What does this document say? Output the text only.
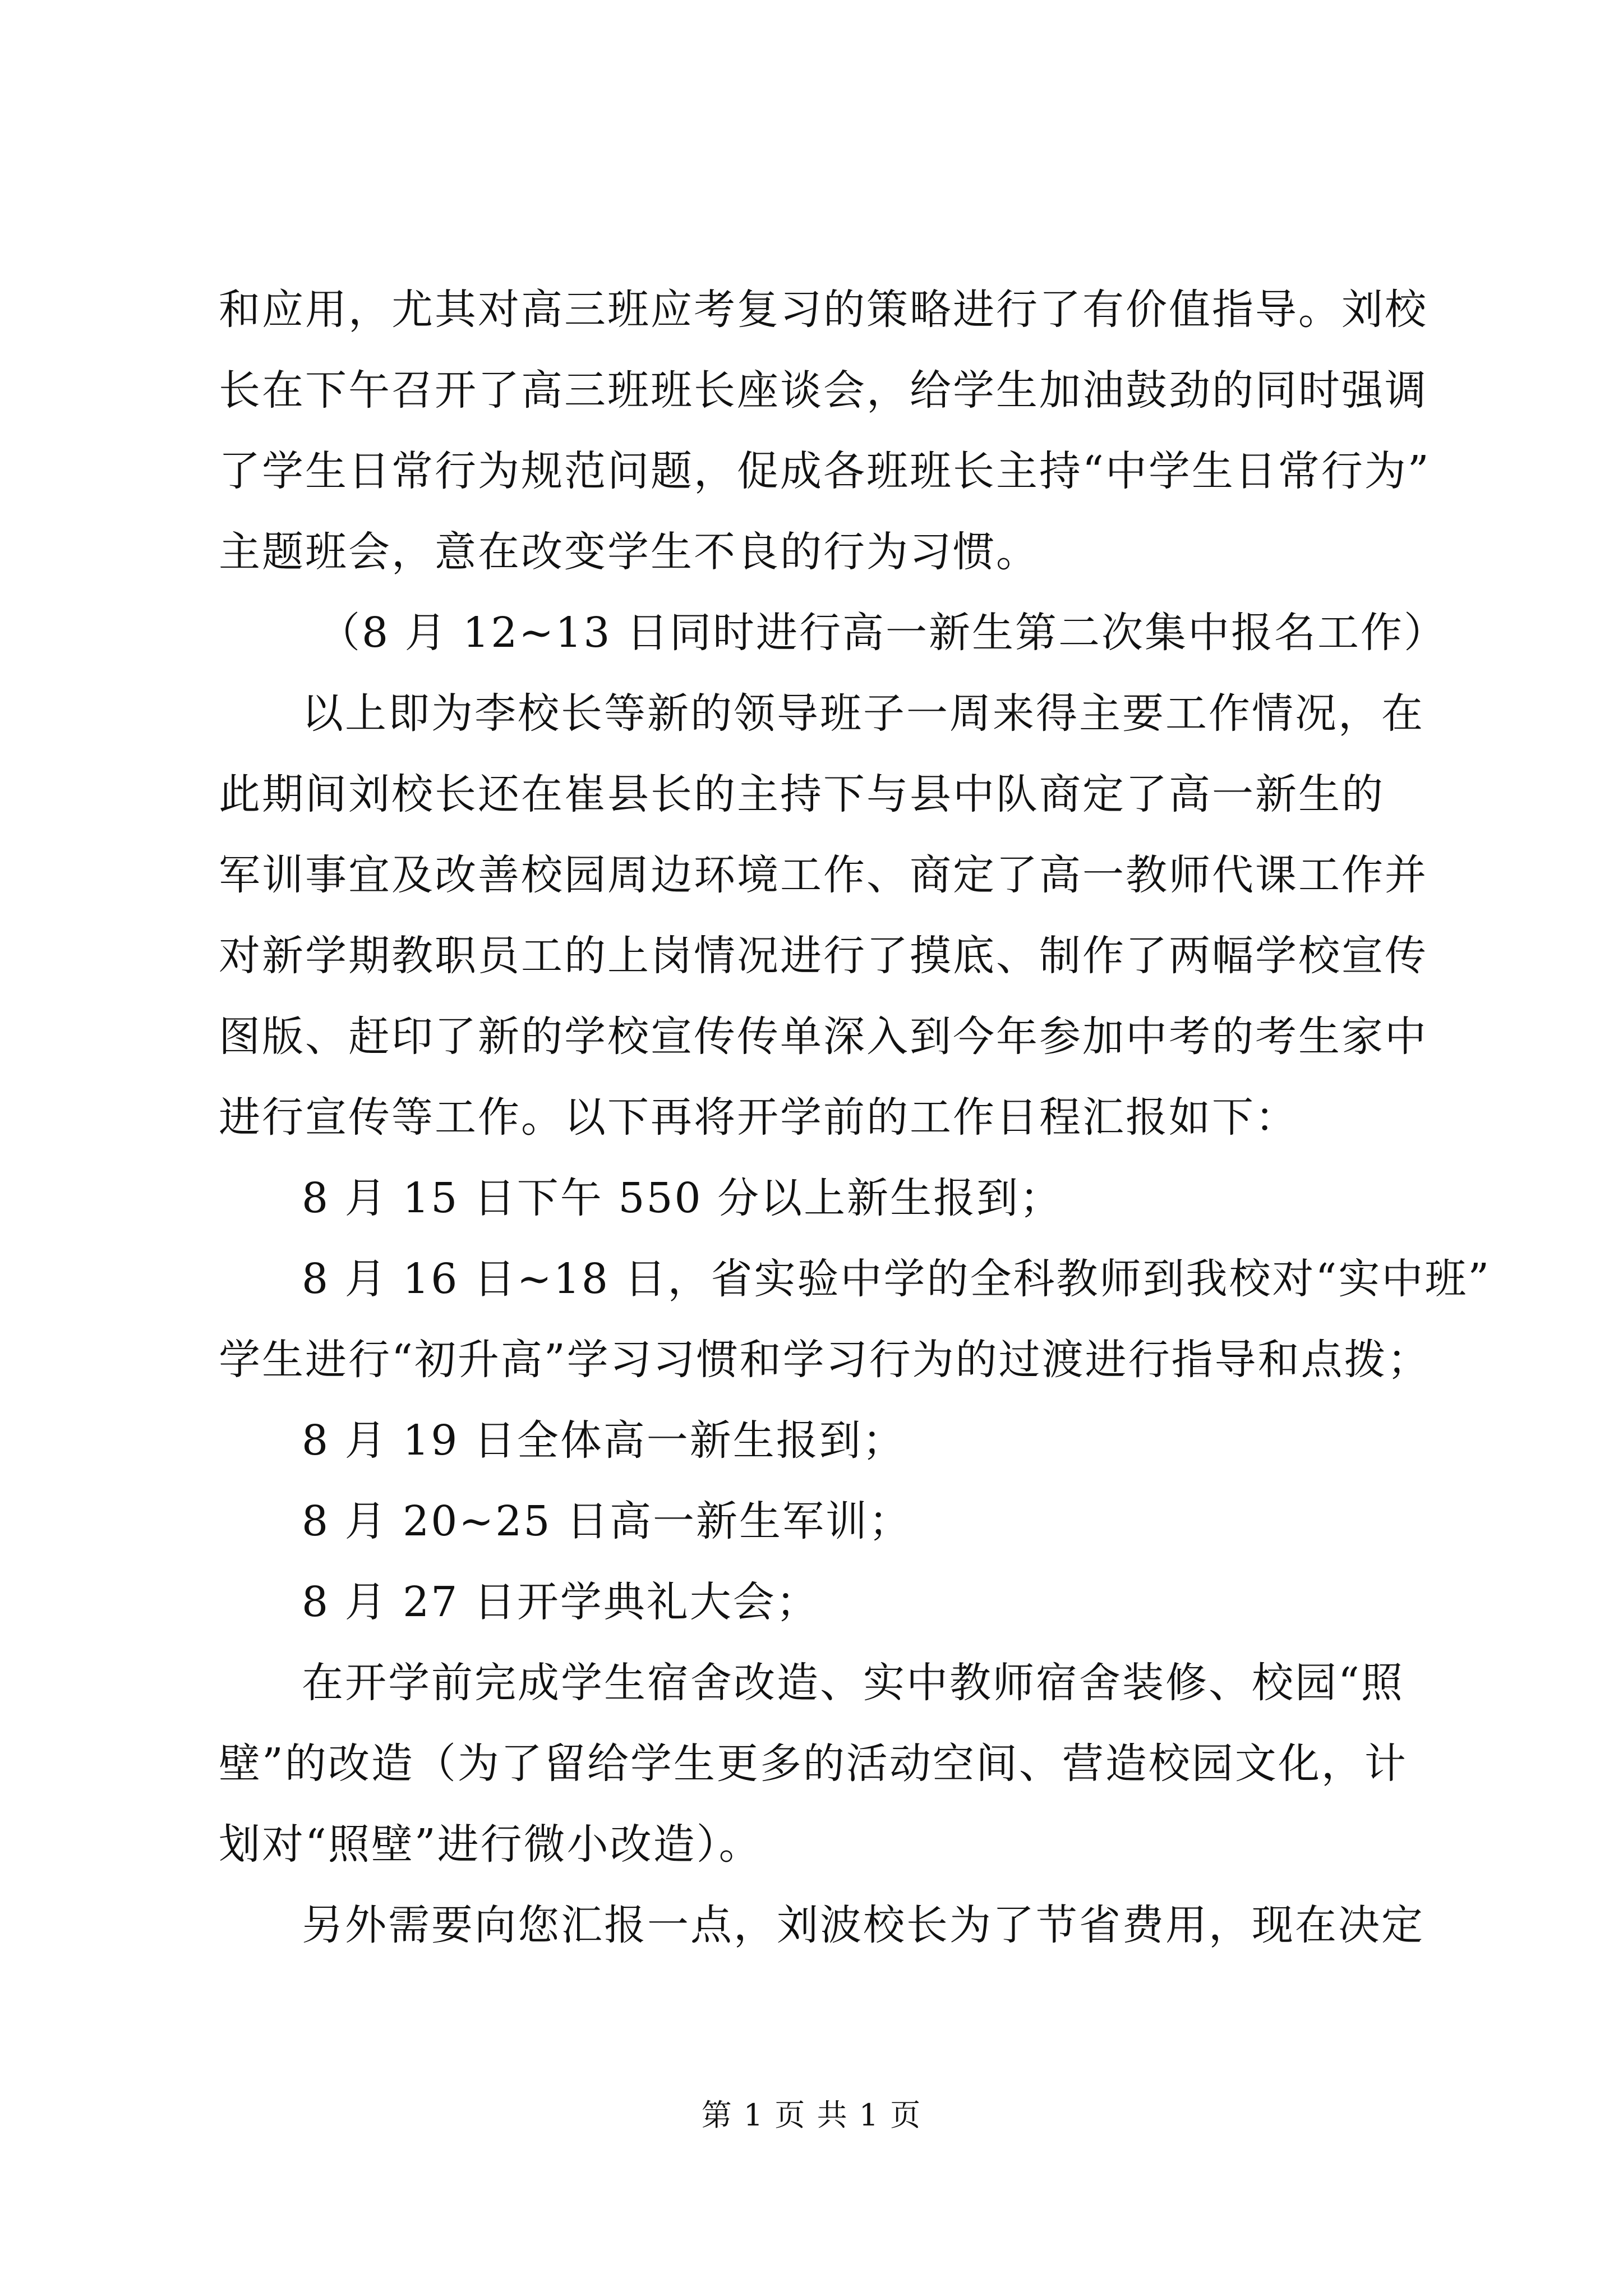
和应用，尤其对高三班应考复习的策略进行了有价值指导。刘校
长在下午召开了高三班班长座谈会，给学生加油鼓劲的同时强调
了学生日常行为规范问题，促成各班班长主持“中学生日常行为”
主题班会，意在改变学生不良的行为习惯。
（8 月 12~13 日同时进行高一新生第二次集中报名工作）
以上即为李校长等新的领导班子一周来得主要工作情况，在
此期间刘校长还在崔县长的主持下与县中队商定了高一新生的
军训事宜及改善校园周边环境工作、商定了高一教师代课工作并
对新学期教职员工的上岗情况进行了摸底、制作了两幅学校宣传
图版、赶印了新的学校宣传传单深入到今年参加中考的考生家中
进行宣传等工作。以下再将开学前的工作日程汇报如下：
8 月 15 日下午 550 分以上新生报到；
8 月 16 日~18 日，省实验中学的全科教师到我校对“实中班”
学生进行“初升高”学习习惯和学习行为的过渡进行指导和点拨；
8 月 19 日全体高一新生报到；
8 月 20~25 日高一新生军训；
8 月 27 日开学典礼大会；
在开学前完成学生宿舍改造、实中教师宿舍装修、校园“照
壁”的改造（为了留给学生更多的活动空间、营造校园文化，计
划对“照壁”进行微小改造）。
另外需要向您汇报一点，刘波校长为了节省费用，现在决定
第 1 页 共 1 页
